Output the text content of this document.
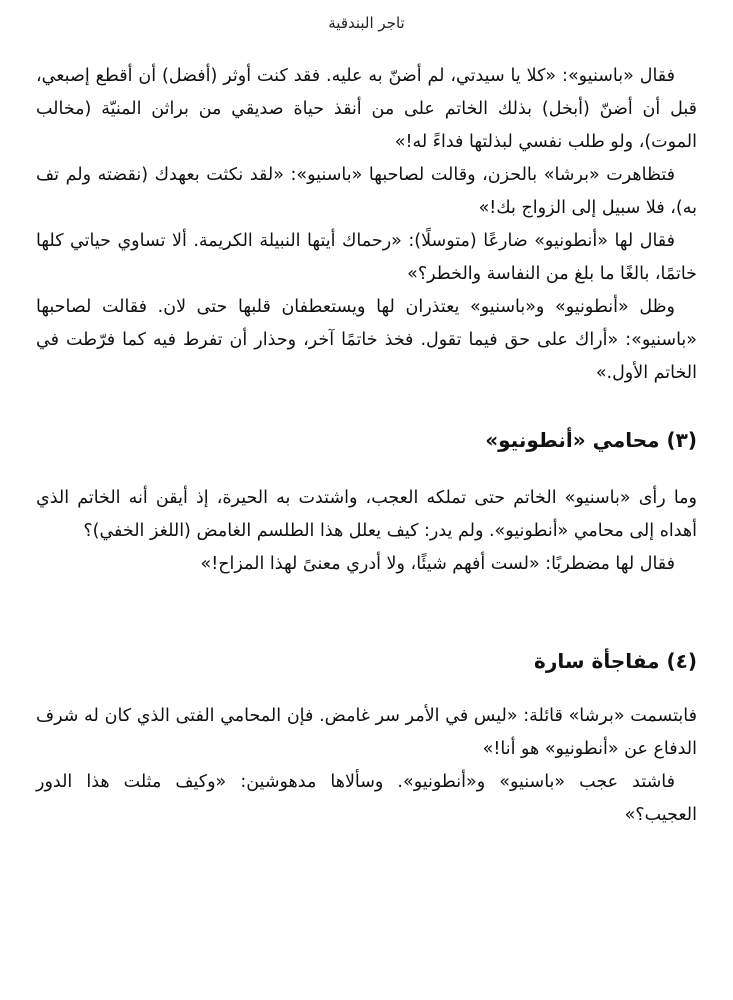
تاجر البندقية

فقال «باسنيو»: «كلا يا سيدتي، لم أضنّ به عليه. فقد كنت أوثر (أفضل) أن أقطع إصبعي، قبل أن أضنّ (أبخل) بذلك الخاتم على من أنقذ حياة صديقي من براثن المنيّة (مخالب الموت)، ولو طلب نفسي لبذلتها فداءً له!»

فتظاهرت «برشا» بالحزن، وقالت لصاحبها «باسنيو»: «لقد نكثت بعهدك (نقضته ولم تف به)، فلا سبيل إلى الزواج بك!»

فقال لها «أنطونيو» ضارعًا (متوسلًا): «رحماك أيتها النبيلة الكريمة. ألا تساوي حياتي كلها خاتمًا، بالغًا ما بلغ من النفاسة والخطر؟»

وظل «أنطونيو» و«باسنيو» يعتذران لها ويستعطفان قلبها حتى لان. فقالت لصاحبها «باسنيو»: «أراك على حق فيما تقول. فخذ خاتمًا آخر، وحذار أن تفرط فيه كما فرّطت في الخاتم الأول.»

(٣) محامي «أنطونيو»

وما رأى «باسنيو» الخاتم حتى تملكه العجب، واشتدت به الحيرة، إذ أيقن أنه الخاتم الذي أهداه إلى محامي «أنطونيو». ولم يدر: كيف يعلل هذا الطلسم الغامض (اللغز الخفي)؟

فقال لها مضطربًا: «لست أفهم شيئًا، ولا أدري معنىً لهذا المزاح!»

(٤) مفاجأة سارة

فابتسمت «برشا» قائلة: «ليس في الأمر سر غامض. فإن المحامي الفتى الذي كان له شرف الدفاع عن «أنطونيو» هو أنا!»

فاشتد عجب «باسنيو» و«أنطونيو». وسألاها مدهوشين: «وكيف مثلت هذا الدور العجيب؟»
